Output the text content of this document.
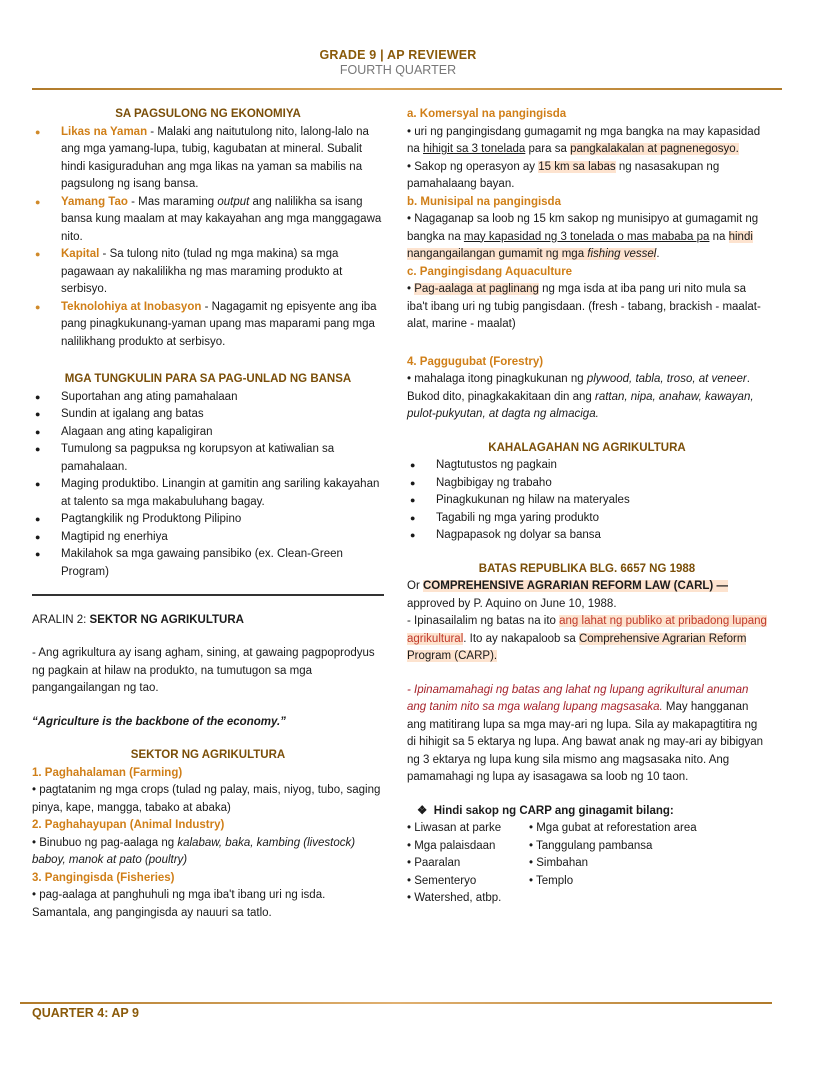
GRADE 9 | AP REVIEWER
FOURTH QUARTER
SA PAGSULONG NG EKONOMIYA
● Likas na Yaman - Malaki ang naitutulong nito, lalong-lalo na ang mga yamang-lupa, tubig, kagubatan at mineral. Subalit hindi kasiguraduhan ang mga likas na yaman sa mabilis na pagsulong ng isang bansa.
● Yamang Tao - Mas maraming output ang nalilikha sa isang bansa kung maalam at may kakayahan ang mga manggagawa nito.
● Kapital - Sa tulong nito (tulad ng mga makina) sa mga pagawaan ay nakalilikha ng mas maraming produkto at serbisyo.
● Teknolohiya at Inobasyon - Nagagamit ng episyente ang iba pang pinagkukunang-yaman upang mas maparami pang mga nalilikhang produkto at serbisyo.
MGA TUNGKULIN PARA SA PAG-UNLAD NG BANSA
● Suportahan ang ating pamahalaan
● Sundin at igalang ang batas
● Alagaan ang ating kapaligiran
● Tumulong sa pagpuksa ng korupsyon at katiwalian sa pamahalaan.
● Maging produktibo. Linangin at gamitin ang sariling kakayahan at talento sa mga makabuluhang bagay.
● Pagtangkilik ng Produktong Pilipino
● Magtipid ng enerhiya
● Makilahok sa mga gawaing pansibiko (ex. Clean-Green Program)
ARALIN 2: SEKTOR NG AGRIKULTURA
- Ang agrikultura ay isang agham, sining, at gawaing pagpoprodyus ng pagkain at hilaw na produkto, na tumutugon sa mga pangangailangan ng tao.
“Agriculture is the backbone of the economy.”
SEKTOR NG AGRIKULTURA
1. Paghahalaman (Farming)
• pagtatanim ng mga crops (tulad ng palay, mais, niyog, tubo, saging pinya, kape, mangga, tabako at abaka)
2. Paghahayupan (Animal Industry)
• Binubuo ng pag-aalaga ng kalabaw, baka, kambing (livestock) baboy, manok at pato (poultry)
3. Pangingisda (Fisheries)
• pag-aalaga at panghuhuli ng mga iba't ibang uri ng isda. Samantala, ang pangingisda ay nauuri sa tatlo.
a. Komersyal na pangingisda
• uri ng pangingisdang gumagamit ng mga bangka na may kapasidad na hihigit sa 3 tonelada para sa pangkalakalan at pagnenegosyo.
• Sakop ng operasyon ay 15 km sa labas ng nasasakupan ng pamahalaang bayan.
b. Munisipal na pangingisda
• Nagaganap sa loob ng 15 km sakop ng munisipyo at gumagamit ng bangka na may kapasidad ng 3 tonelada o mas mababa pa na hindi nangangailangan gumamit ng mga fishing vessel.
c. Pangingisdang Aquaculture
• Pag-aalaga at paglinang ng mga isda at iba pang uri nito mula sa iba't ibang uri ng tubig pangisdaan. (fresh - tabang, brackish - maalat-alat, marine - maalat)
4. Paggugubat (Forestry)
• mahalaga itong pinagkukunan ng plywood, tabla, troso, at veneer. Bukod dito, pinagkakakitaan din ang rattan, nipa, anahaw, kawayan, pulot-pukyutan, at dagta ng almaciga.
KAHALAGAHAN NG AGRIKULTURA
● Nagtutustos ng pagkain
● Nagbibigay ng trabaho
● Pinagkukunan ng hilaw na materyales
● Tagabili ng mga yaring produkto
● Nagpapasok ng dolyar sa bansa
BATAS REPUBLIKA BLG. 6657 NG 1988
Or COMPREHENSIVE AGRARIAN REFORM LAW (CARL) —
approved by P. Aquino on June 10, 1988.
- Ipinasailalim ng batas na ito ang lahat ng publiko at pribadong lupang agrikultural. Ito ay nakapaloob sa Comprehensive Agrarian Reform Program (CARP).
- Ipinamamahagi ng batas ang lahat ng lupang agrikultural anuman ang tanim nito sa mga walang lupang magsasaka. May hangganan ang matitirang lupa sa mga may-ari ng lupa. Sila ay makapagtitira ng di hihigit sa 5 ektarya ng lupa. Ang bawat anak ng may-ari ay bibigyan ng 3 ektarya ng lupa kung sila mismo ang magsasaka nito. Ang pamamahagi ng lupa ay isasagawa sa loob ng 10 taon.
❖ Hindi sakop ng CARP ang ginagamit bilang:
• Liwasan at parke
• Mga palaisdaan
• Paaralan
• Sementeryo
• Watershed, atbp.
• Mga gubat at reforestation area
• Tanggulang pambansa
• Simbahan
• Templo
QUARTER 4: AP 9
